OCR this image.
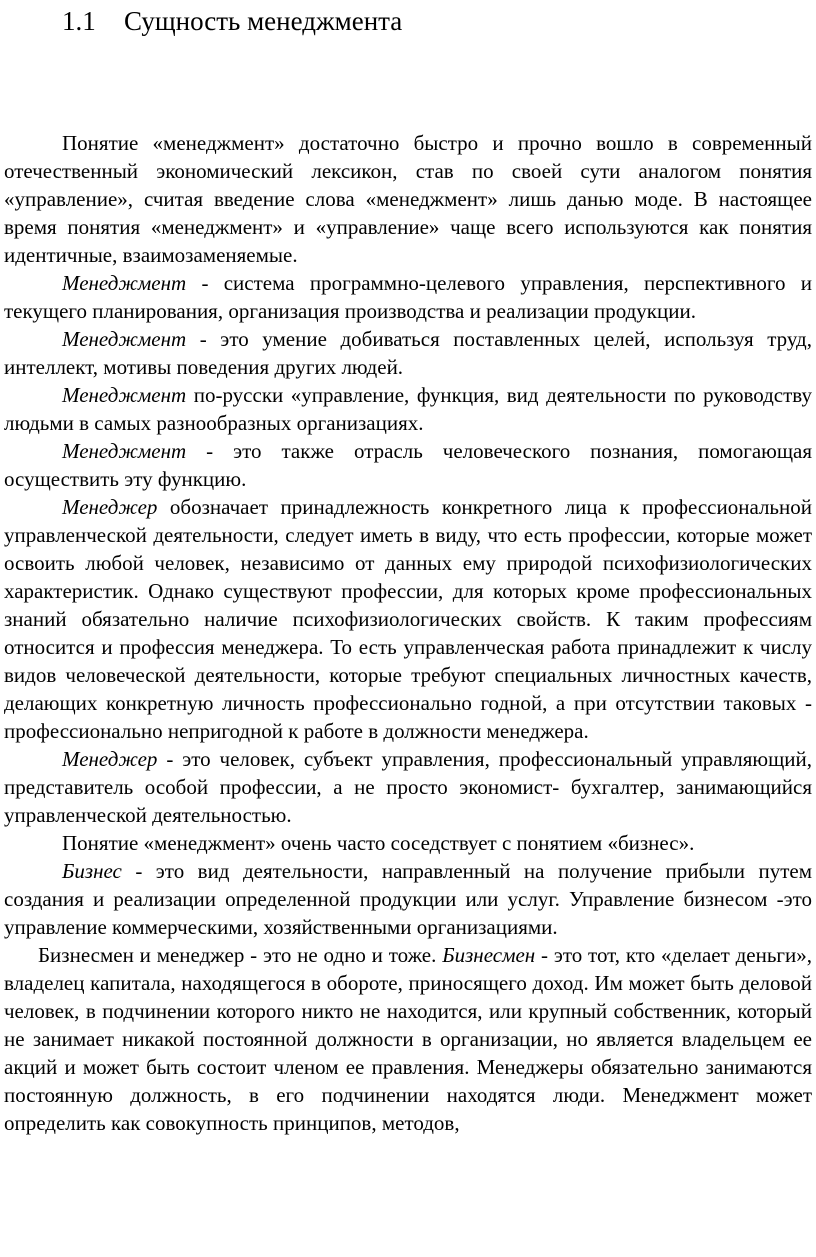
1.1 Сущность менеджмента

Понятие «менеджмент» достаточно быстро и прочно вошло в современный отечественный экономический лексикон, став по своей сути аналогом понятия «управление», считая введение слова «менеджмент» лишь данью моде. В настоящее время понятия «менеджмент» и «управление» чаще всего используются как понятия идентичные, взаимозаменяемые.

Менеджмент - система программно-целевого управления, перспективного и текущего планирования, организация производства и реализации продукции.

Менеджмент - это умение добиваться поставленных целей, используя труд, интеллект, мотивы поведения других людей.

Менеджмент по-русски «управление, функция, вид деятельности по руководству людьми в самых разнообразных организациях.

Менеджмент - это также отрасль человеческого познания, помогающая осуществить эту функцию.

Менеджер обозначает принадлежность конкретного лица к профессиональной управленческой деятельности, следует иметь в виду, что есть профессии, которые может освоить любой человек, независимо от данных ему природой психофизиологических характеристик. Однако существуют профессии, для которых кроме профессиональных знаний обязательно наличие психофизиологических свойств. К таким профессиям относится и профессия менеджера. То есть управленческая работа принадлежит к числу видов человеческой деятельности, которые требуют специальных личностных качеств, делающих конкретную личность профессионально годной, а при отсутствии таковых - профессионально непригодной к работе в должности менеджера.

Менеджер - это человек, субъект управления, профессиональный управляющий, представитель особой профессии, а не просто экономист- бухгалтер, занимающийся управленческой деятельностью.

Понятие «менеджмент» очень часто соседствует с понятием «бизнес».

Бизнес - это вид деятельности, направленный на получение прибыли путем создания и реализации определенной продукции или услуг. Управление бизнесом -это управление коммерческими, хозяйственными организациями.

Бизнесмен и менеджер - это не одно и тоже. Бизнесмен - это тот, кто «делает деньги», владелец капитала, находящегося в обороте, приносящего доход. Им может быть деловой человек, в подчинении которого никто не находится, или крупный собственник, который не занимает никакой постоянной должности в организации, но является владельцем ее акций и может быть состоит членом ее правления. Менеджеры обязательно занимаются постоянную должность, в его подчинении находятся люди. Менеджмент может определить как совокупность принципов, методов,
